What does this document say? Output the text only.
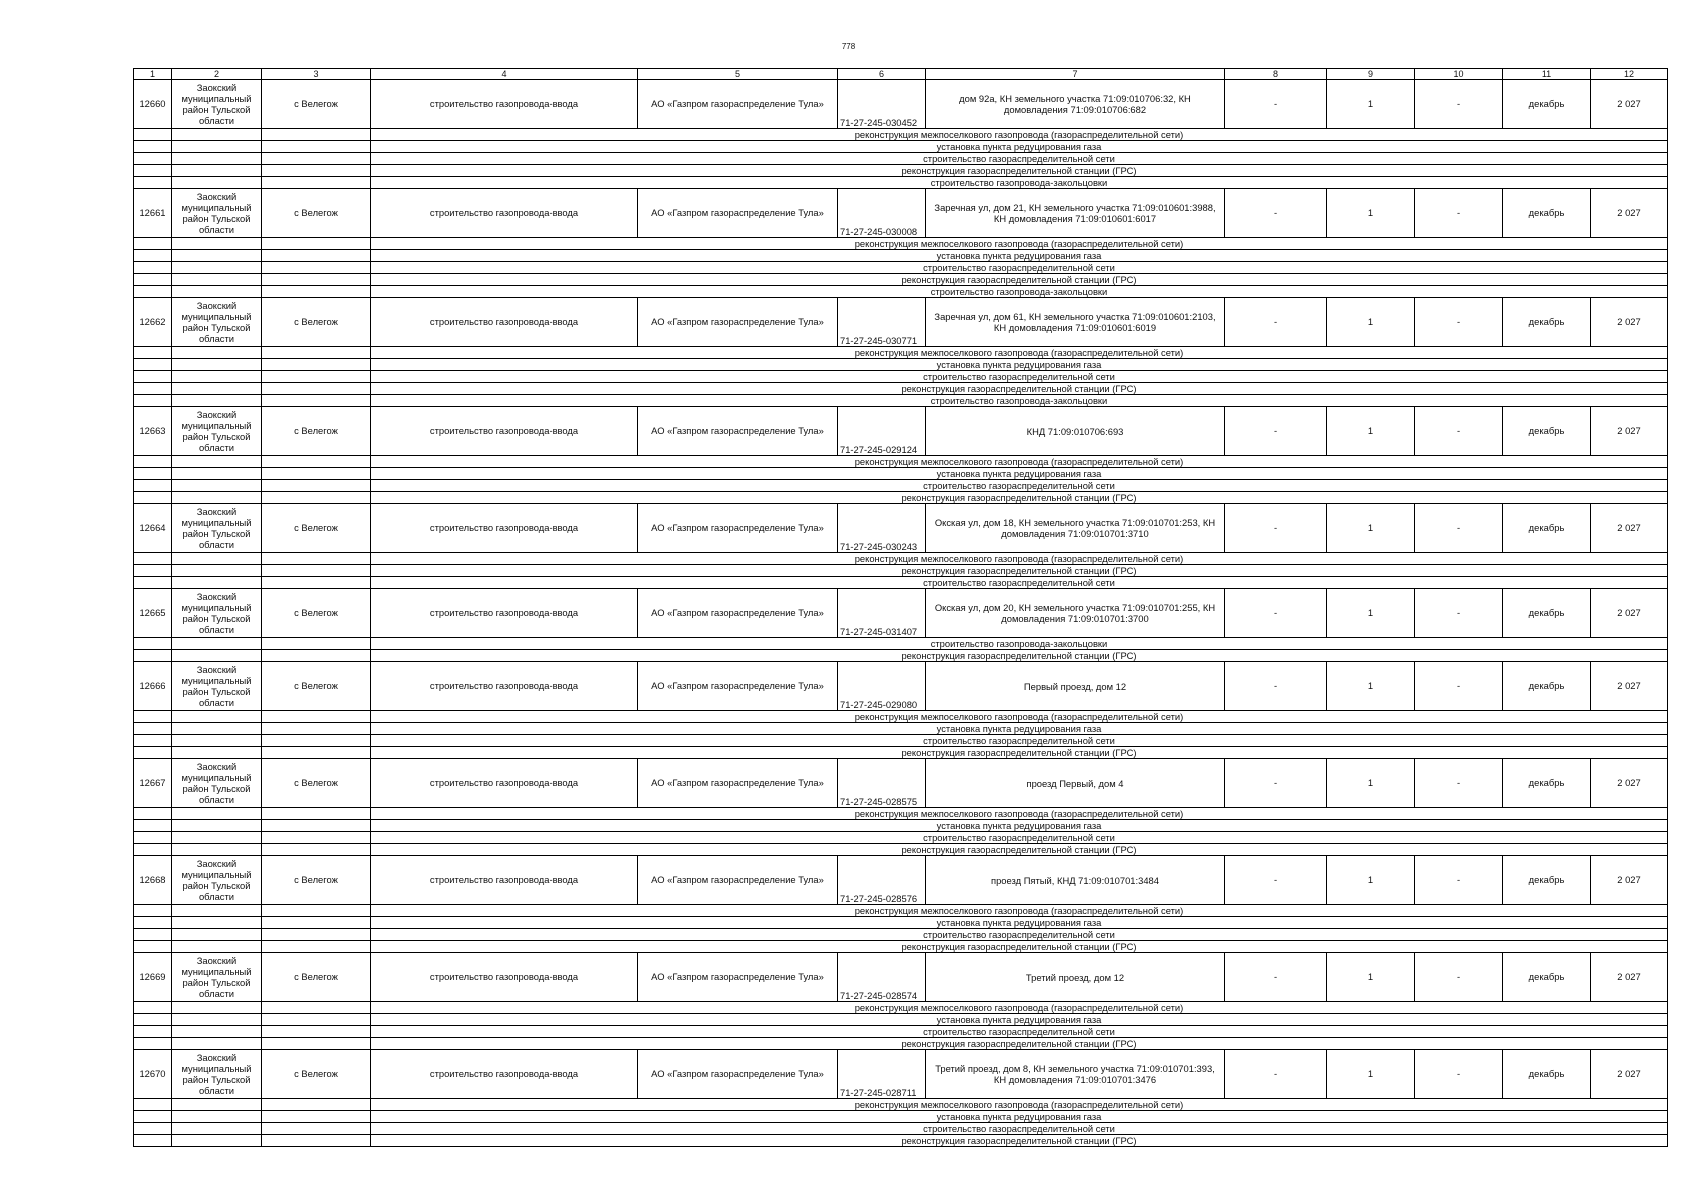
778
1	2	3	4	5	6	7	8	9	10	11	12
12660	Заокский муниципальный район Тульской области	с Велегож	строительство газопровода-ввода	АО «Газпром газораспределение Тула»	71-27-245-030452	дом 92а, КН земельного участка 71:09:010706:32, КН домовладения 71:09:010706:682	-	1	-	декабрь	2 027
			реконструкция межпоселкового газопровода (газораспределительной сети)								
			установка пункта редуцирования газа								
			строительство газораспределительной сети								
			реконструкция газораспределительной станции (ГРС)								
			строительство газопровода-закольцовки								
12661	Заокский муниципальный район Тульской области	с Велегож	строительство газопровода-ввода	АО «Газпром газораспределение Тула»	71-27-245-030008	Заречная ул, дом 21, КН земельного участка 71:09:010601:3988, КН домовладения 71:09:010601:6017	-	1	-	декабрь	2 027
			реконструкция межпоселкового газопровода (газораспределительной сети)								
			установка пункта редуцирования газа								
			строительство газораспределительной сети								
			реконструкция газораспределительной станции (ГРС)								
			строительство газопровода-закольцовки								
12662	Заокский муниципальный район Тульской области	с Велегож	строительство газопровода-ввода	АО «Газпром газораспределение Тула»	71-27-245-030771	Заречная ул, дом 61, КН земельного участка 71:09:010601:2103, КН домовладения 71:09:010601:6019	-	1	-	декабрь	2 027
			реконструкция межпоселкового газопровода (газораспределительной сети)								
			установка пункта редуцирования газа								
			строительство газораспределительной сети								
			реконструкция газораспределительной станции (ГРС)								
			строительство газопровода-закольцовки								
12663	Заокский муниципальный район Тульской области	с Велегож	строительство газопровода-ввода	АО «Газпром газораспределение Тула»	71-27-245-029124	КНД 71:09:010706:693	-	1	-	декабрь	2 027
			реконструкция межпоселкового газопровода (газораспределительной сети)								
			установка пункта редуцирования газа								
			строительство газораспределительной сети								
			реконструкция газораспределительной станции (ГРС)								
12664	Заокский муниципальный район Тульской области	с Велегож	строительство газопровода-ввода	АО «Газпром газораспределение Тула»	71-27-245-030243	Окская ул, дом 18, КН земельного участка 71:09:010701:253, КН домовладения 71:09:010701:3710	-	1	-	декабрь	2 027
			реконструкция межпоселкового газопровода (газораспределительной сети)								
			реконструкция газораспределительной станции (ГРС)								
			строительство газораспределительной сети								
12665	Заокский муниципальный район Тульской области	с Велегож	строительство газопровода-ввода	АО «Газпром газораспределение Тула»	71-27-245-031407	Окская ул, дом 20, КН земельного участка 71:09:010701:255, КН домовладения 71:09:010701:3700	-	1	-	декабрь	2 027
			строительство газопровода-закольцовки								
			реконструкция газораспределительной станции (ГРС)								
12666	Заокский муниципальный район Тульской области	с Велегож	строительство газопровода-ввода	АО «Газпром газораспределение Тула»	71-27-245-029080	Первый проезд, дом 12	-	1	-	декабрь	2 027
			реконструкция межпоселкового газопровода (газораспределительной сети)								
			установка пункта редуцирования газа								
			строительство газораспределительной сети								
			реконструкция газораспределительной станции (ГРС)								
12667	Заокский муниципальный район Тульской области	с Велегож	строительство газопровода-ввода	АО «Газпром газораспределение Тула»	71-27-245-028575	проезд Первый, дом 4	-	1	-	декабрь	2 027
			реконструкция межпоселкового газопровода (газораспределительной сети)								
			установка пункта редуцирования газа								
			строительство газораспределительной сети								
			реконструкция газораспределительной станции (ГРС)								
12668	Заокский муниципальный район Тульской области	с Велегож	строительство газопровода-ввода	АО «Газпром газораспределение Тула»	71-27-245-028576	проезд Пятый, КНД 71:09:010701:3484	-	1	-	декабрь	2 027
			реконструкция межпоселкового газопровода (газораспределительной сети)								
			установка пункта редуцирования газа								
			строительство газораспределительной сети								
			реконструкция газораспределительной станции (ГРС)								
12669	Заокский муниципальный район Тульской области	с Велегож	строительство газопровода-ввода	АО «Газпром газораспределение Тула»	71-27-245-028574	Третий проезд, дом 12	-	1	-	декабрь	2 027
			реконструкция межпоселкового газопровода (газораспределительной сети)								
			установка пункта редуцирования газа								
			строительство газораспределительной сети								
			реконструкция газораспределительной станции (ГРС)								
12670	Заокский муниципальный район Тульской области	с Велегож	строительство газопровода-ввода	АО «Газпром газораспределение Тула»	71-27-245-028711	Третий проезд, дом 8, КН земельного участка 71:09:010701:393, КН домовладения 71:09:010701:3476	-	1	-	декабрь	2 027
			реконструкция межпоселкового газопровода (газораспределительной сети)								
			установка пункта редуцирования газа								
			строительство газораспределительной сети								
			реконструкция газораспределительной станции (ГРС)								
